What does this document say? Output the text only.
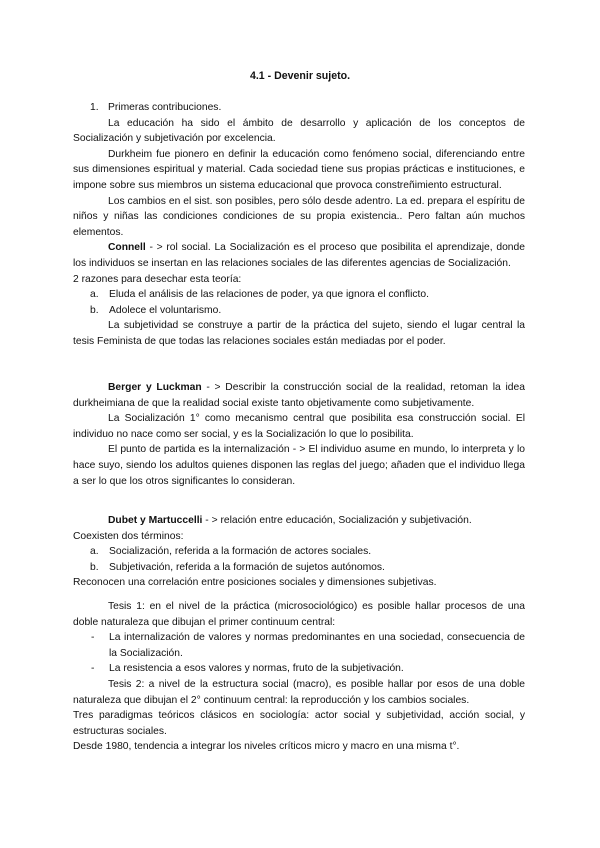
4.1 - Devenir sujeto.

1. Primeras contribuciones.

La educación ha sido el ámbito de desarrollo y aplicación de los conceptos de Socialización y subjetivación por excelencia.

Durkheim fue pionero en definir la educación como fenómeno social, diferenciando entre sus dimensiones espiritual y material. Cada sociedad tiene sus propias prácticas e instituciones, e impone sobre sus miembros un sistema educacional que provoca constreñimiento estructural.

Los cambios en el sist. son posibles, pero sólo desde adentro. La ed. prepara el espíritu de niños y niñas las condiciones condiciones de su propia existencia.. Pero faltan aún muchos elementos.

Connell - > rol social. La Socialización es el proceso que posibilita el aprendizaje, donde los individuos se insertan en las relaciones sociales de las diferentes agencias de Socialización.

2 razones para desechar esta teoría:

a. Eluda el análisis de las relaciones de poder, ya que ignora el conflicto.

b. Adolece el voluntarismo.

La subjetividad se construye a partir de la práctica del sujeto, siendo el lugar central la tesis Feminista de que todas las relaciones sociales están mediadas por el poder.

Berger y Luckman - > Describir la construcción social de la realidad, retoman la idea durkheimiana de que la realidad social existe tanto objetivamente como subjetivamente.

La Socialización 1° como mecanismo central que posibilita esa construcción social. El individuo no nace como ser social, y es la Socialización lo que lo posibilita.

El punto de partida es la internalización - > El individuo asume en mundo, lo interpreta y lo hace suyo, siendo los adultos quienes disponen las reglas del juego; añaden que el individuo llega a ser lo que los otros significantes lo consideran.

Dubet y Martuccelli - > relación entre educación, Socialización y subjetivación.

Coexisten dos términos:

a. Socialización, referida a la formación de actores sociales.

b. Subjetivación, referida a la formación de sujetos autónomos.

Reconocen una correlación entre posiciones sociales y dimensiones subjetivas.

Tesis 1: en el nivel de la práctica (microsociológico) es posible hallar procesos de una doble naturaleza que dibujan el primer continuum central:

- La internalización de valores y normas predominantes en una sociedad, consecuencia de la Socialización.

- La resistencia a esos valores y normas, fruto de la subjetivación.

Tesis 2: a nivel de la estructura social (macro), es posible hallar por esos de una doble naturaleza que dibujan el 2° continuum central: la reproducción y los cambios sociales.

Tres paradigmas teóricos clásicos en sociología: actor social y subjetividad, acción social, y estructuras sociales.

Desde 1980, tendencia a integrar los niveles críticos micro y macro en una misma t°.
